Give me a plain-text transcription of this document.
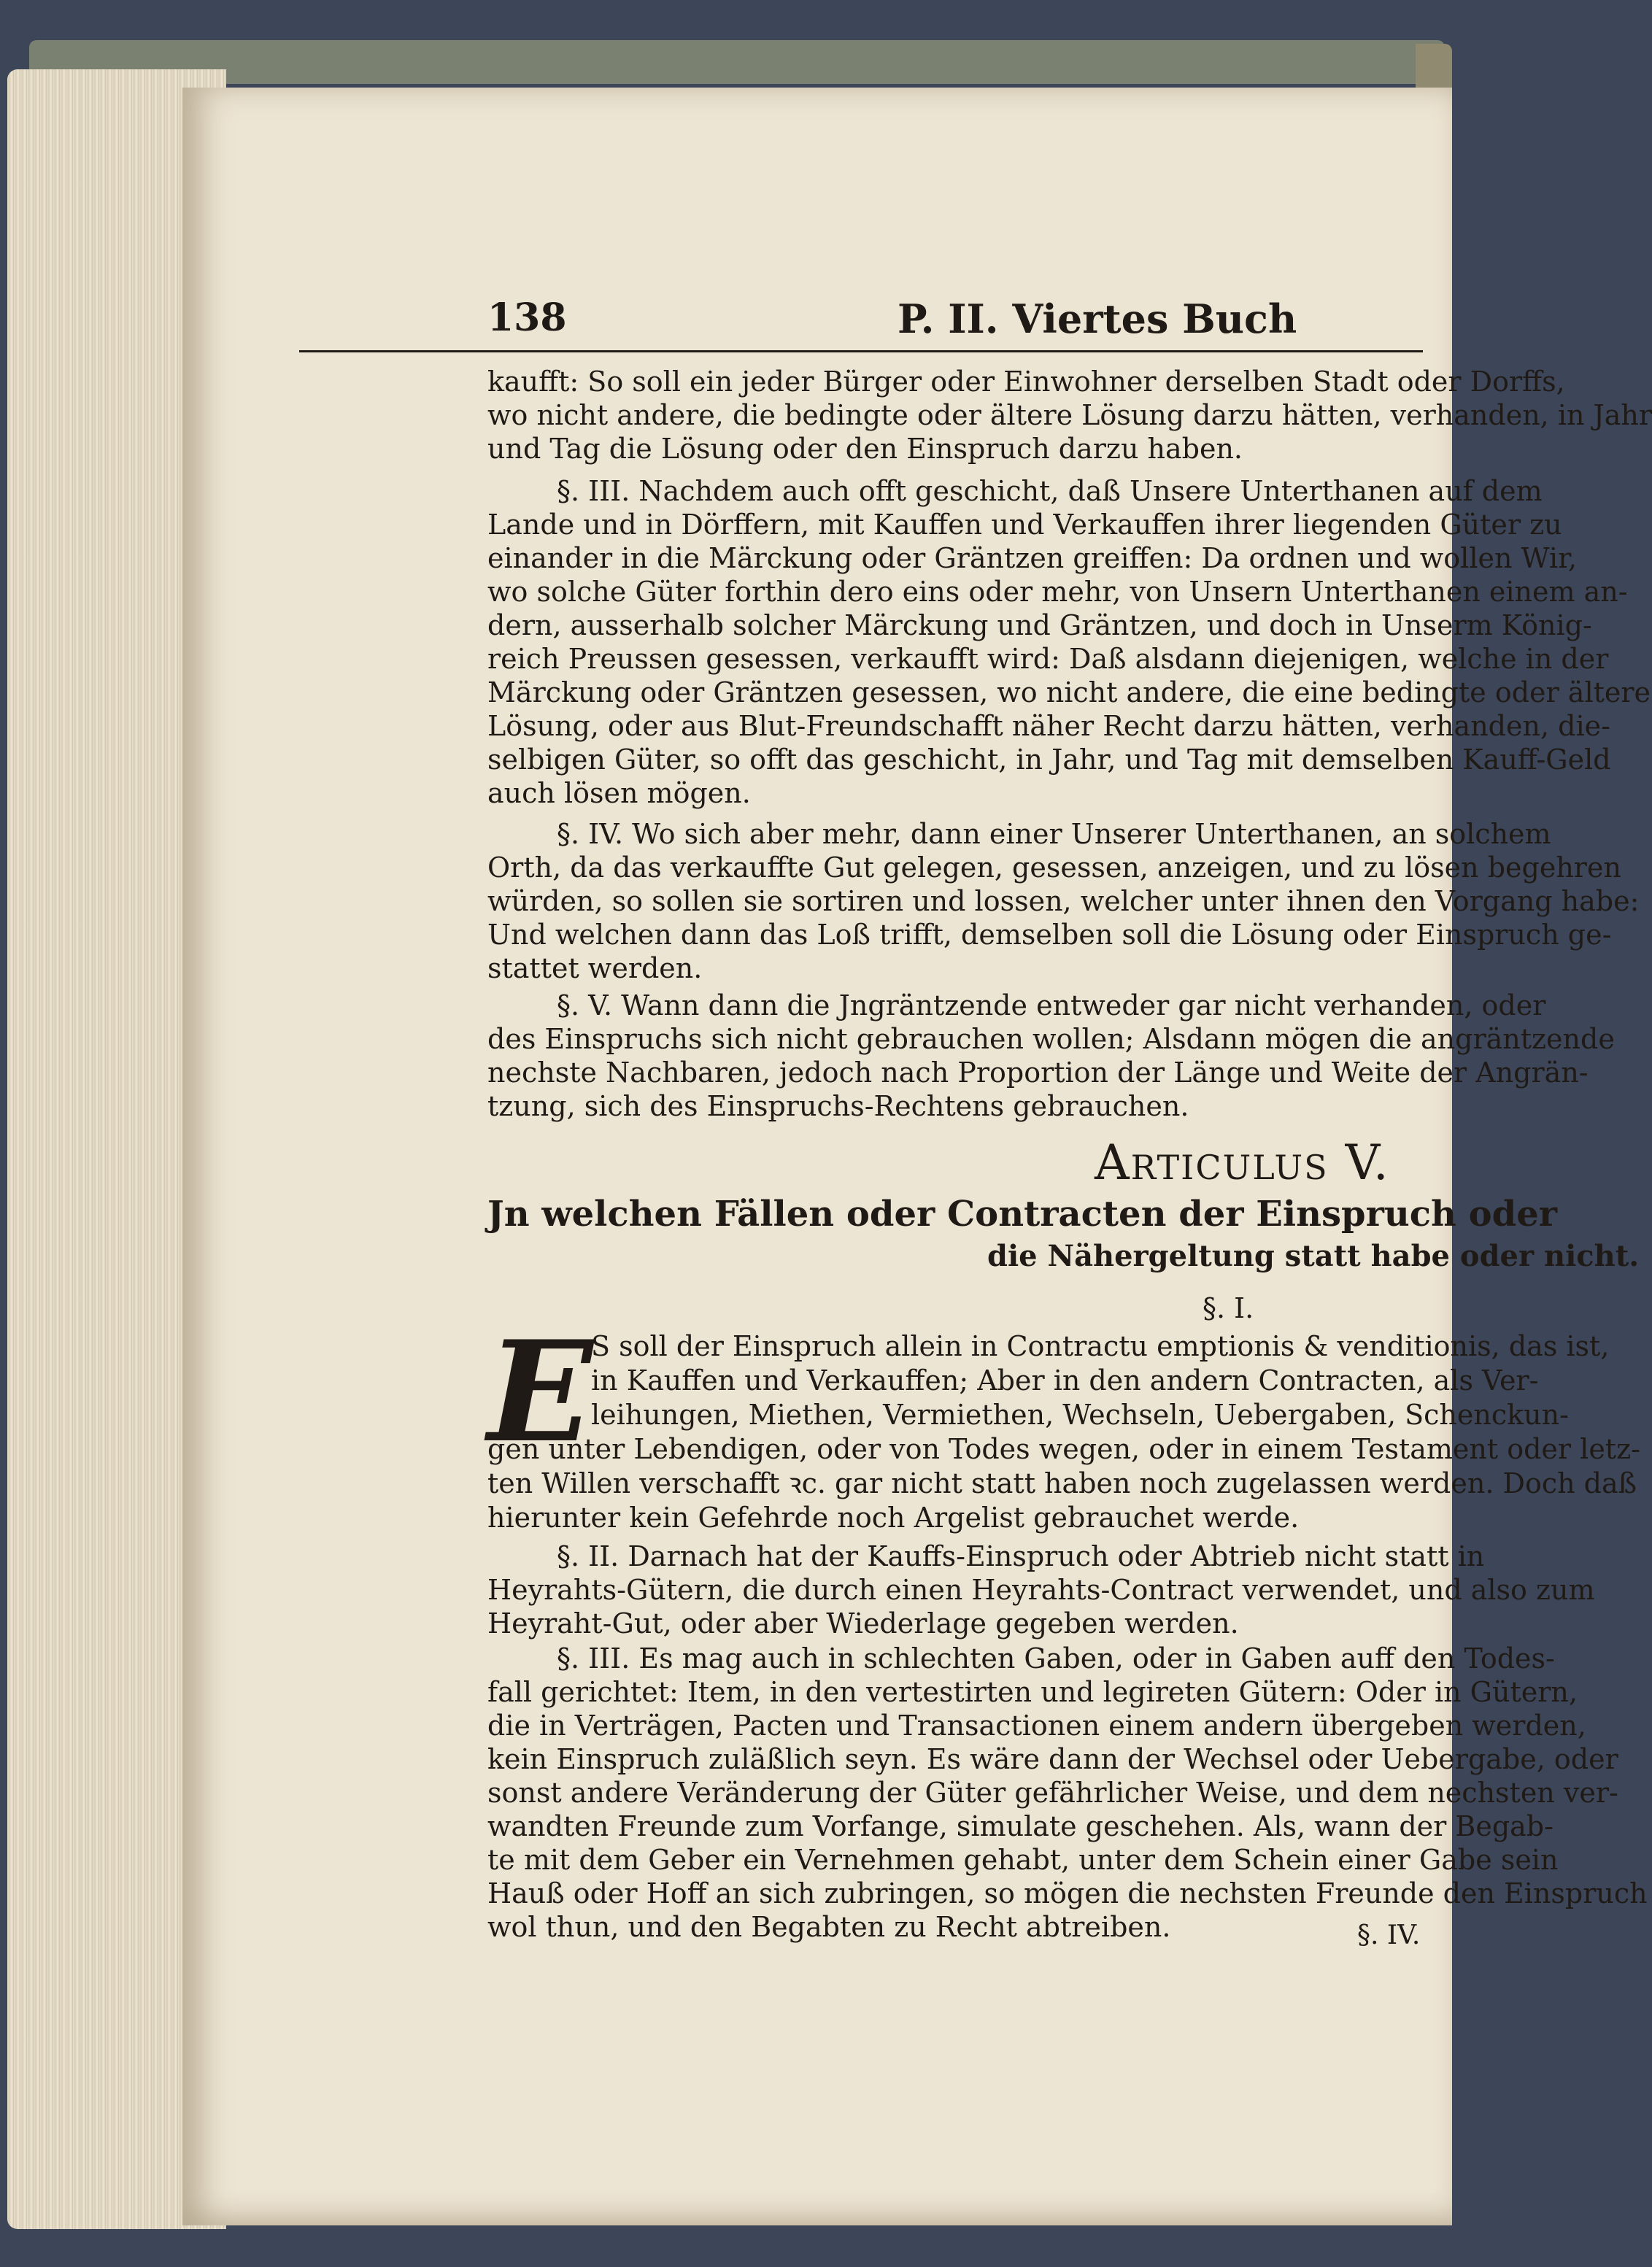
138	P. II. Viertes Buch
kaufft: So soll ein jeder Bürger oder Einwohner derselben Stadt oder Dorffs,
wo nicht andere, die bedingte oder ältere Lösung darzu hätten, verhanden, in Jahr
und Tag die Lösung oder den Einspruch darzu haben.
§. III. Nachdem auch offt geschicht, daß Unsere Unterthanen auf dem
Lande und in Dörffern, mit Kauffen und Verkauffen ihrer liegenden Güter zu
einander in die Märckung oder Gräntzen greiffen: Da ordnen und wollen Wir,
wo solche Güter forthin dero eins oder mehr, von Unsern Unterthanen einem an-
dern, ausserhalb solcher Märckung und Gräntzen, und doch in Unserm König-
reich Preussen gesessen, verkaufft wird: Daß alsdann diejenigen, welche in der
Märckung oder Gräntzen gesessen, wo nicht andere, die eine bedingte oder ältere
Lösung, oder aus Blut-Freundschafft näher Recht darzu hätten, verhanden, die-
selbigen Güter, so offt das geschicht, in Jahr, und Tag mit demselben Kauff-Geld
auch lösen mögen.
§. IV. Wo sich aber mehr, dann einer Unserer Unterthanen, an solchem
Orth, da das verkauffte Gut gelegen, gesessen, anzeigen, und zu lösen begehren
würden, so sollen sie sortiren und lossen, welcher unter ihnen den Vorgang habe:
Und welchen dann das Loß trifft, demselben soll die Lösung oder Einspruch ge-
stattet werden.
§. V. Wann dann die Jngräntzende entweder gar nicht verhanden, oder
des Einspruchs sich nicht gebrauchen wollen; Alsdann mögen die angräntzende
nechste Nachbaren, jedoch nach Proportion der Länge und Weite der Angrän-
tzung, sich des Einspruchs-Rechtens gebrauchen.
Articulus V.
Jn welchen Fällen oder Contracten der Einspruch oder
die Nähergeltung statt habe oder nicht.
§. I.
E
S soll der Einspruch allein in Contractu emptionis & venditionis, das ist,
in Kauffen und Verkauffen; Aber in den andern Contracten, als Ver-
leihungen, Miethen, Vermiethen, Wechseln, Uebergaben, Schenckun-
gen unter Lebendigen, oder von Todes wegen, oder in einem Testament oder letz-
ten Willen verschafft ꝛc. gar nicht statt haben noch zugelassen werden. Doch daß
hierunter kein Gefehrde noch Argelist gebrauchet werde.
§. II. Darnach hat der Kauffs-Einspruch oder Abtrieb nicht statt in
Heyrahts-Gütern, die durch einen Heyrahts-Contract verwendet, und also zum
Heyraht-Gut, oder aber Wiederlage gegeben werden.
§. III. Es mag auch in schlechten Gaben, oder in Gaben auff den Todes-
fall gerichtet: Item, in den vertestirten und legireten Gütern: Oder in Gütern,
die in Verträgen, Pacten und Transactionen einem andern übergeben werden,
kein Einspruch zuläßlich seyn. Es wäre dann der Wechsel oder Uebergabe, oder
sonst andere Veränderung der Güter gefährlicher Weise, und dem nechsten ver-
wandten Freunde zum Vorfange, simulate geschehen. Als, wann der Begab-
te mit dem Geber ein Vernehmen gehabt, unter dem Schein einer Gabe sein
Hauß oder Hoff an sich zubringen, so mögen die nechsten Freunde den Einspruch
wol thun, und den Begabten zu Recht abtreiben.	§. IV.
